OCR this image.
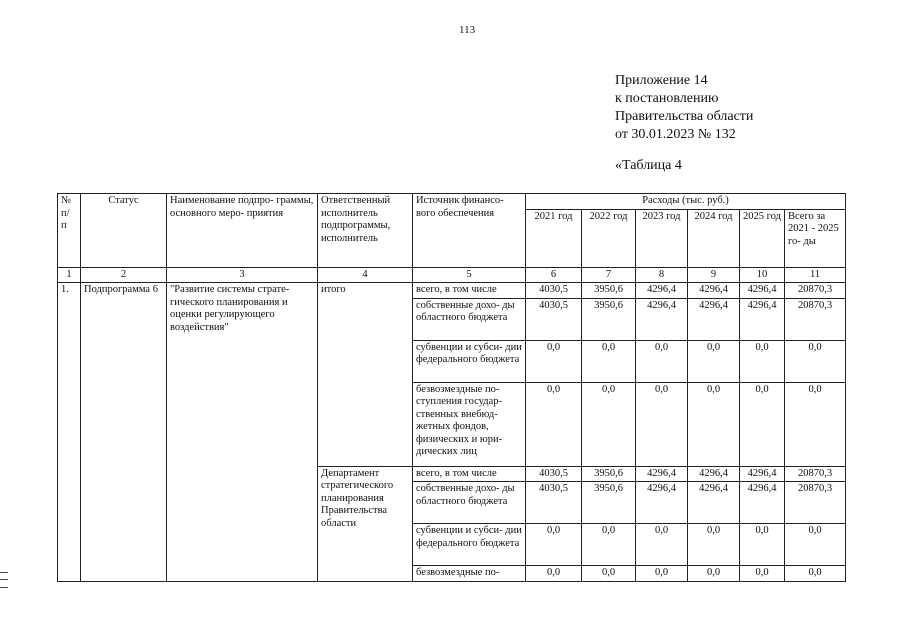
113
Приложение 14
к постановлению
Правительства области
от 30.01.2023 № 132
«Таблица 4
№ п/ п	Статус	Наименование подпро- граммы, основного меро- приятия	Ответственный исполнитель подпрограммы, исполнитель	Источник финансо- вого обеспечения	Расходы (тыс. руб.)					
					2021 год	2022 год	2023 год	2024 год	2025 год	Всего за 2021 - 2025 го- ды
1	2	3	4	5	6	7	8	9	10	11
1.	Подпрограмма 6	"Развитие системы страте- гического планирования и оценки регулирующего воздействия"	итого	всего, в том числе	4030,5	3950,6	4296,4	4296,4	4296,4	20870,3
				собственные дохо- ды областного бюджета	4030,5	3950,6	4296,4	4296,4	4296,4	20870,3
				субвенции и субси- дии федерального бюджета	0,0	0,0	0,0	0,0	0,0	0,0
				безвозмездные по- ступления государ- ственных внебюд- жетных фондов, физических и юри- дических лиц	0,0	0,0	0,0	0,0	0,0	0,0
			Департамент стратегического планирования Правительства области	всего, в том числе	4030,5	3950,6	4296,4	4296,4	4296,4	20870,3
				собственные дохо- ды областного бюджета	4030,5	3950,6	4296,4	4296,4	4296,4	20870,3
				субвенции и субси- дии федерального бюджета	0,0	0,0	0,0	0,0	0,0	0,0
				безвозмездные по-	0,0	0,0	0,0	0,0	0,0	0,0
